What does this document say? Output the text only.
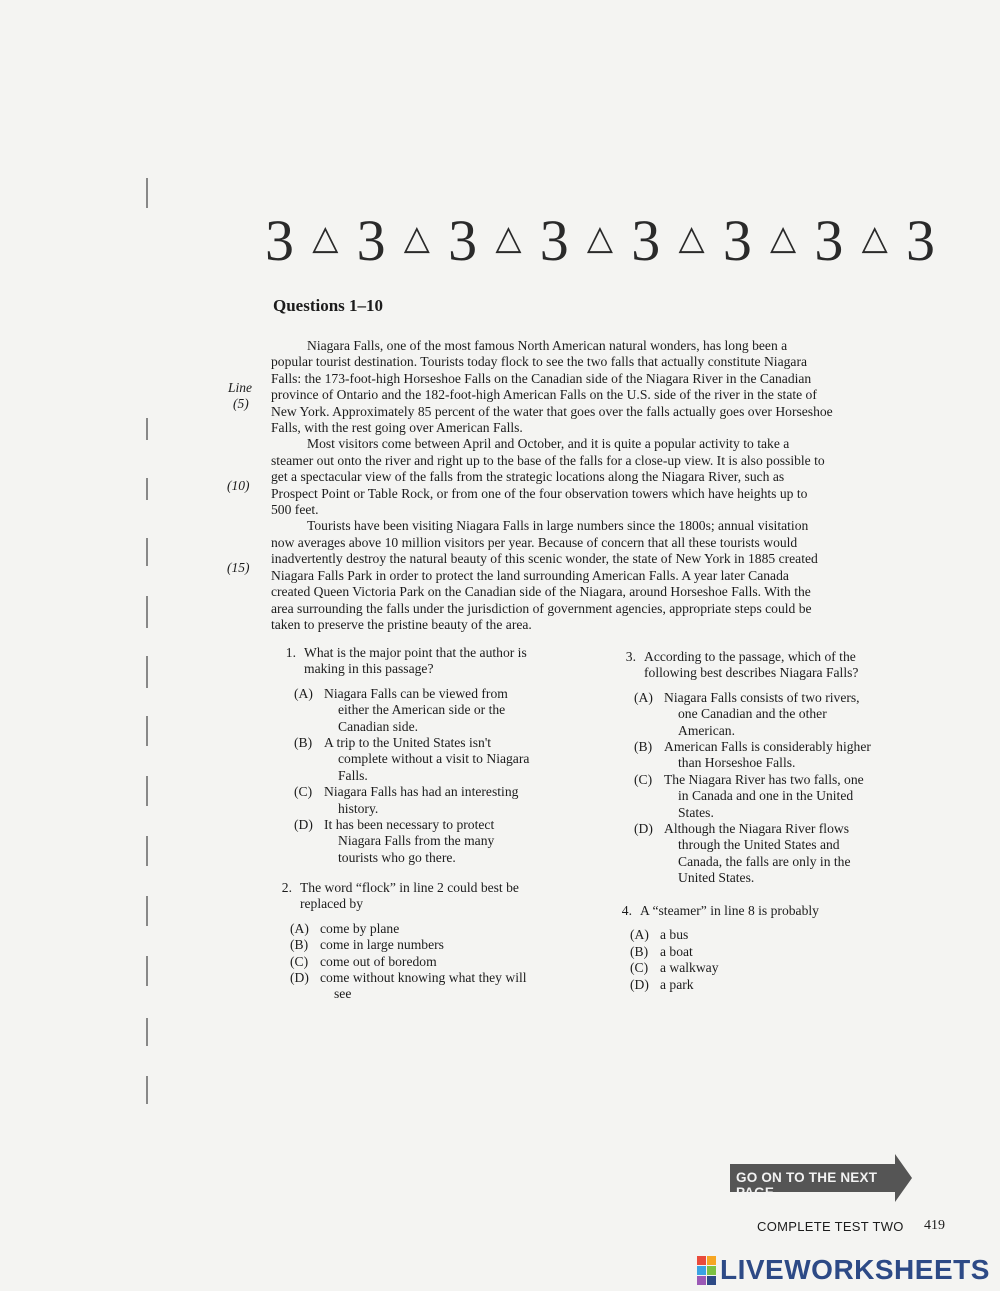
3 △ 3 △ 3 △ 3 △ 3 △ 3 △ 3 △ 3
Questions 1–10
Line
(5)
(10)
(15)

Niagara Falls, one of the most famous North American natural wonders, has long been a
popular tourist destination. Tourists today flock to see the two falls that actually constitute Niagara
Falls: the 173-foot-high Horseshoe Falls on the Canadian side of the Niagara River in the Canadian
province of Ontario and the 182-foot-high American Falls on the U.S. side of the river in the state of
New York. Approximately 85 percent of the water that goes over the falls actually goes over Horseshoe
Falls, with the rest going over American Falls.

Most visitors come between April and October, and it is quite a popular activity to take a
steamer out onto the river and right up to the base of the falls for a close-up view. It is also possible to
get a spectacular view of the falls from the strategic locations along the Niagara River, such as
Prospect Point or Table Rock, or from one of the four observation towers which have heights up to
500 feet.

Tourists have been visiting Niagara Falls in large numbers since the 1800s; annual visitation
now averages above 10 million visitors per year. Because of concern that all these tourists would
inadvertently destroy the natural beauty of this scenic wonder, the state of New York in 1885 created
Niagara Falls Park in order to protect the land surrounding American Falls. A year later Canada
created Queen Victoria Park on the Canadian side of the Niagara, around Horseshoe Falls. With the
area surrounding the falls under the jurisdiction of government agencies, appropriate steps could be
taken to preserve the pristine beauty of the area.

1. What is the major point that the author is
making in this passage?
(A) Niagara Falls can be viewed from
either the American side or the
Canadian side.
(B) A trip to the United States isn't
complete without a visit to Niagara
Falls.
(C) Niagara Falls has had an interesting
history.
(D) It has been necessary to protect
Niagara Falls from the many
tourists who go there.
2. The word “flock” in line 2 could best be
replaced by
(A) come by plane
(B) come in large numbers
(C) come out of boredom
(D) come without knowing what they will
see
3. According to the passage, which of the
following best describes Niagara Falls?
(A) Niagara Falls consists of two rivers,
one Canadian and the other
American.
(B) American Falls is considerably higher
than Horseshoe Falls.
(C) The Niagara River has two falls, one
in Canada and one in the United
States.
(D) Although the Niagara River flows
through the United States and
Canada, the falls are only in the
United States.
4. A “steamer” in line 8 is probably
(A) a bus
(B) a boat
(C) a walkway
(D) a park
GO ON TO THE NEXT PAGE
COMPLETE TEST TWO 419
LIVEWORKSHEETS
